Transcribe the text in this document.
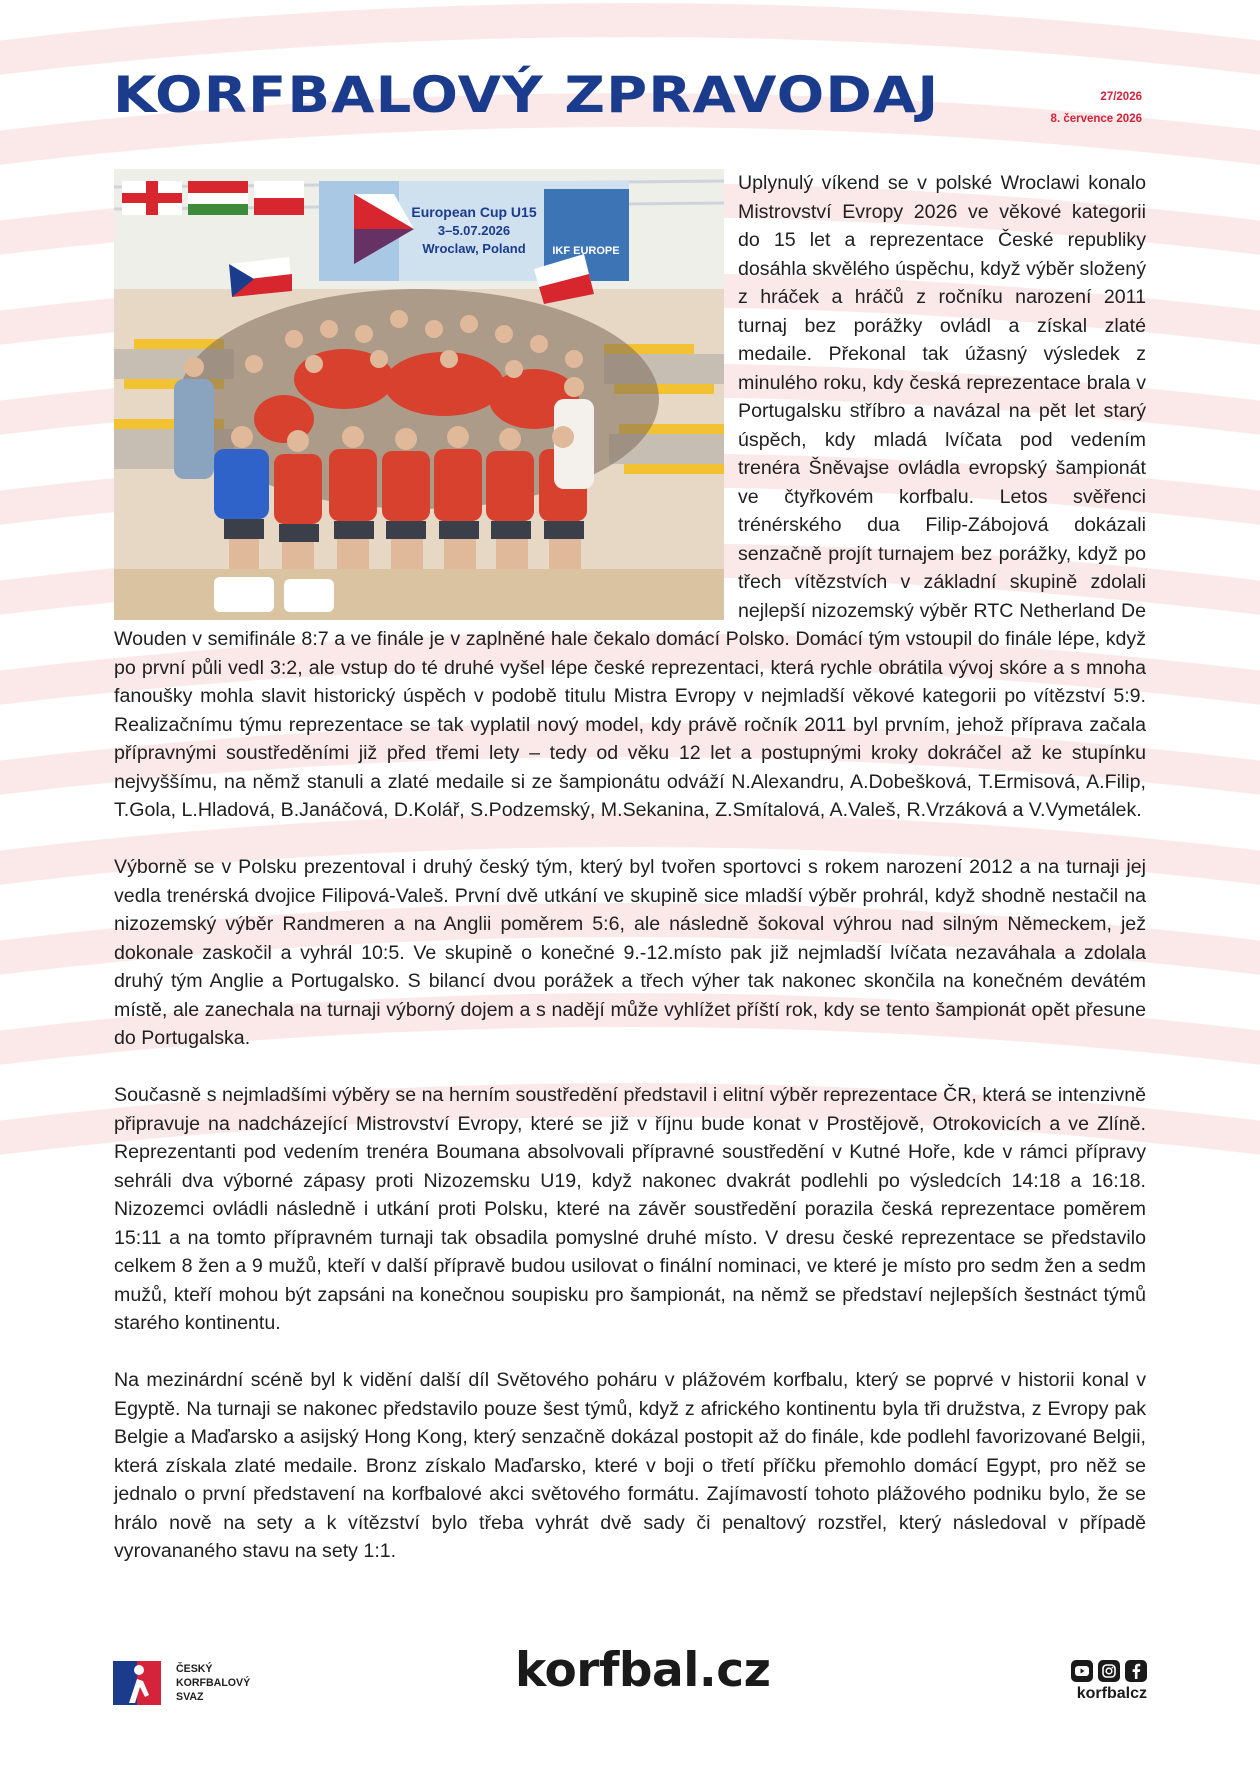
KORFBALOVÝ ZPRAVODAJ	27/2026
8. července 2026
European Cup U15
3–5.07.2026
Wroclaw, Poland IKF EUROPE

Uplynulý víkend se v polské Wroclawi konalo Mistrovství Evropy 2026 ve věkové kategorii do 15 let a reprezentace České republiky dosáhla skvělého úspěchu, když výběr složený z hráček a hráčů z ročníku narození 2011 turnaj bez porážky ovládl a získal zlaté medaile. Překonal tak úžasný výsledek z minulého roku, kdy česká reprezentace brala v Portugalsku stříbro a navázal na pět let starý úspěch, kdy mladá lvíčata pod vedením trenéra Šněvajse ovládla evropský šampionát ve čtyřkovém korfbalu. Letos svěřenci trénérského dua Filip-Zábojová dokázali senzačně projít turnajem bez porážky, když po třech vítězstvích v základní skupině zdolali nejlepší nizozemský výběr RTC Netherland De Wouden v semifinále 8:7 a ve finále je v zaplněné hale čekalo domácí Polsko. Domácí tým vstoupil do finále lépe, když po první půli vedl 3:2, ale vstup do té druhé vyšel lépe české reprezentaci, která rychle obrátila vývoj skóre a s mnoha fanoušky mohla slavit historický úspěch v podobě titulu Mistra Evropy v nejmladší věkové kategorii po vítězství 5:9. Realizačnímu týmu reprezentace se tak vyplatil nový model, kdy právě ročník 2011 byl prvním, jehož příprava začala přípravnými soustředěními již před třemi lety – tedy od věku 12 let a postupnými kroky dokráčel až ke stupínku nejvyššímu, na němž stanuli a zlaté medaile si ze šampionátu odváží N.Alexandru, A.Dobešková, T.Ermisová, A.Filip, T.Gola, L.Hladová, B.Janáčová, D.Kolář, S.Podzemský, M.Sekanina, Z.Smítalová, A.Valeš, R.Vrzáková a V.Vymetálek.

Výborně se v Polsku prezentoval i druhý český tým, který byl tvořen sportovci s rokem narození 2012 a na turnaji jej vedla trenérská dvojice Filipová-Valeš. První dvě utkání ve skupině sice mladší výběr prohrál, když shodně nestačil na nizozemský výběr Randmeren a na Anglii poměrem 5:6, ale následně šokoval výhrou nad silným Německem, jež dokonale zaskočil a vyhrál 10:5. Ve skupině o konečné 9.-12.místo pak již nejmladší lvíčata nezaváhala a zdolala druhý tým Anglie a Portugalsko. S bilancí dvou porážek a třech výher tak nakonec skončila na konečném devátém místě, ale zanechala na turnaji výborný dojem a s nadějí může vyhlížet příští rok, kdy se tento šampionát opět přesune do Portugalska.

Současně s nejmladšími výběry se na herním soustředění představil i elitní výběr reprezentace ČR, která se intenzivně připravuje na nadcházející Mistrovství Evropy, které se již v říjnu bude konat v Prostějově, Otrokovicích a ve Zlíně. Reprezentanti pod vedením trenéra Boumana absolvovali přípravné soustředění v Kutné Hoře, kde v rámci přípravy sehráli dva výborné zápasy proti Nizozemsku U19, když nakonec dvakrát podlehli po výsledcích 14:18 a 16:18. Nizozemci ovládli následně i utkání proti Polsku, které na závěr soustředění porazila česká reprezentace poměrem 15:11 a na tomto přípravném turnaji tak obsadila pomyslné druhé místo. V dresu české reprezentace se představilo celkem 8 žen a 9 mužů, kteří v další přípravě budou usilovat o finální nominaci, ve které je místo pro sedm žen a sedm mužů, kteří mohou být zapsáni na konečnou soupisku pro šampionát, na němž se představí nejlepších šestnáct týmů starého kontinentu.

Na mezinárdní scéně byl k vidění další díl Světového poháru v plážovém korfbalu, který se poprvé v historii konal v Egyptě. Na turnaji se nakonec představilo pouze šest týmů, když z afrického kontinentu byla tři družstva, z Evropy pak Belgie a Maďarsko a asijský Hong Kong, který senzačně dokázal postopit až do finále, kde podlehl favorizované Belgii, která získala zlaté medaile. Bronz získalo Maďarsko, které v boji o třetí příčku přemohlo domácí Egypt, pro něž se jednalo o první představení na korfbalové akci světového formátu. Zajímavostí tohoto plážového podniku bylo, že se hrálo nově na sety a k vítězství bylo třeba vyhrát dvě sady či penaltový rozstřel, který následoval v případě vyrovananého stavu na sety 1:1.

ČESKÝ
KORFBALOVÝ
SVAZ	korfbal.cz	korfbalcz
